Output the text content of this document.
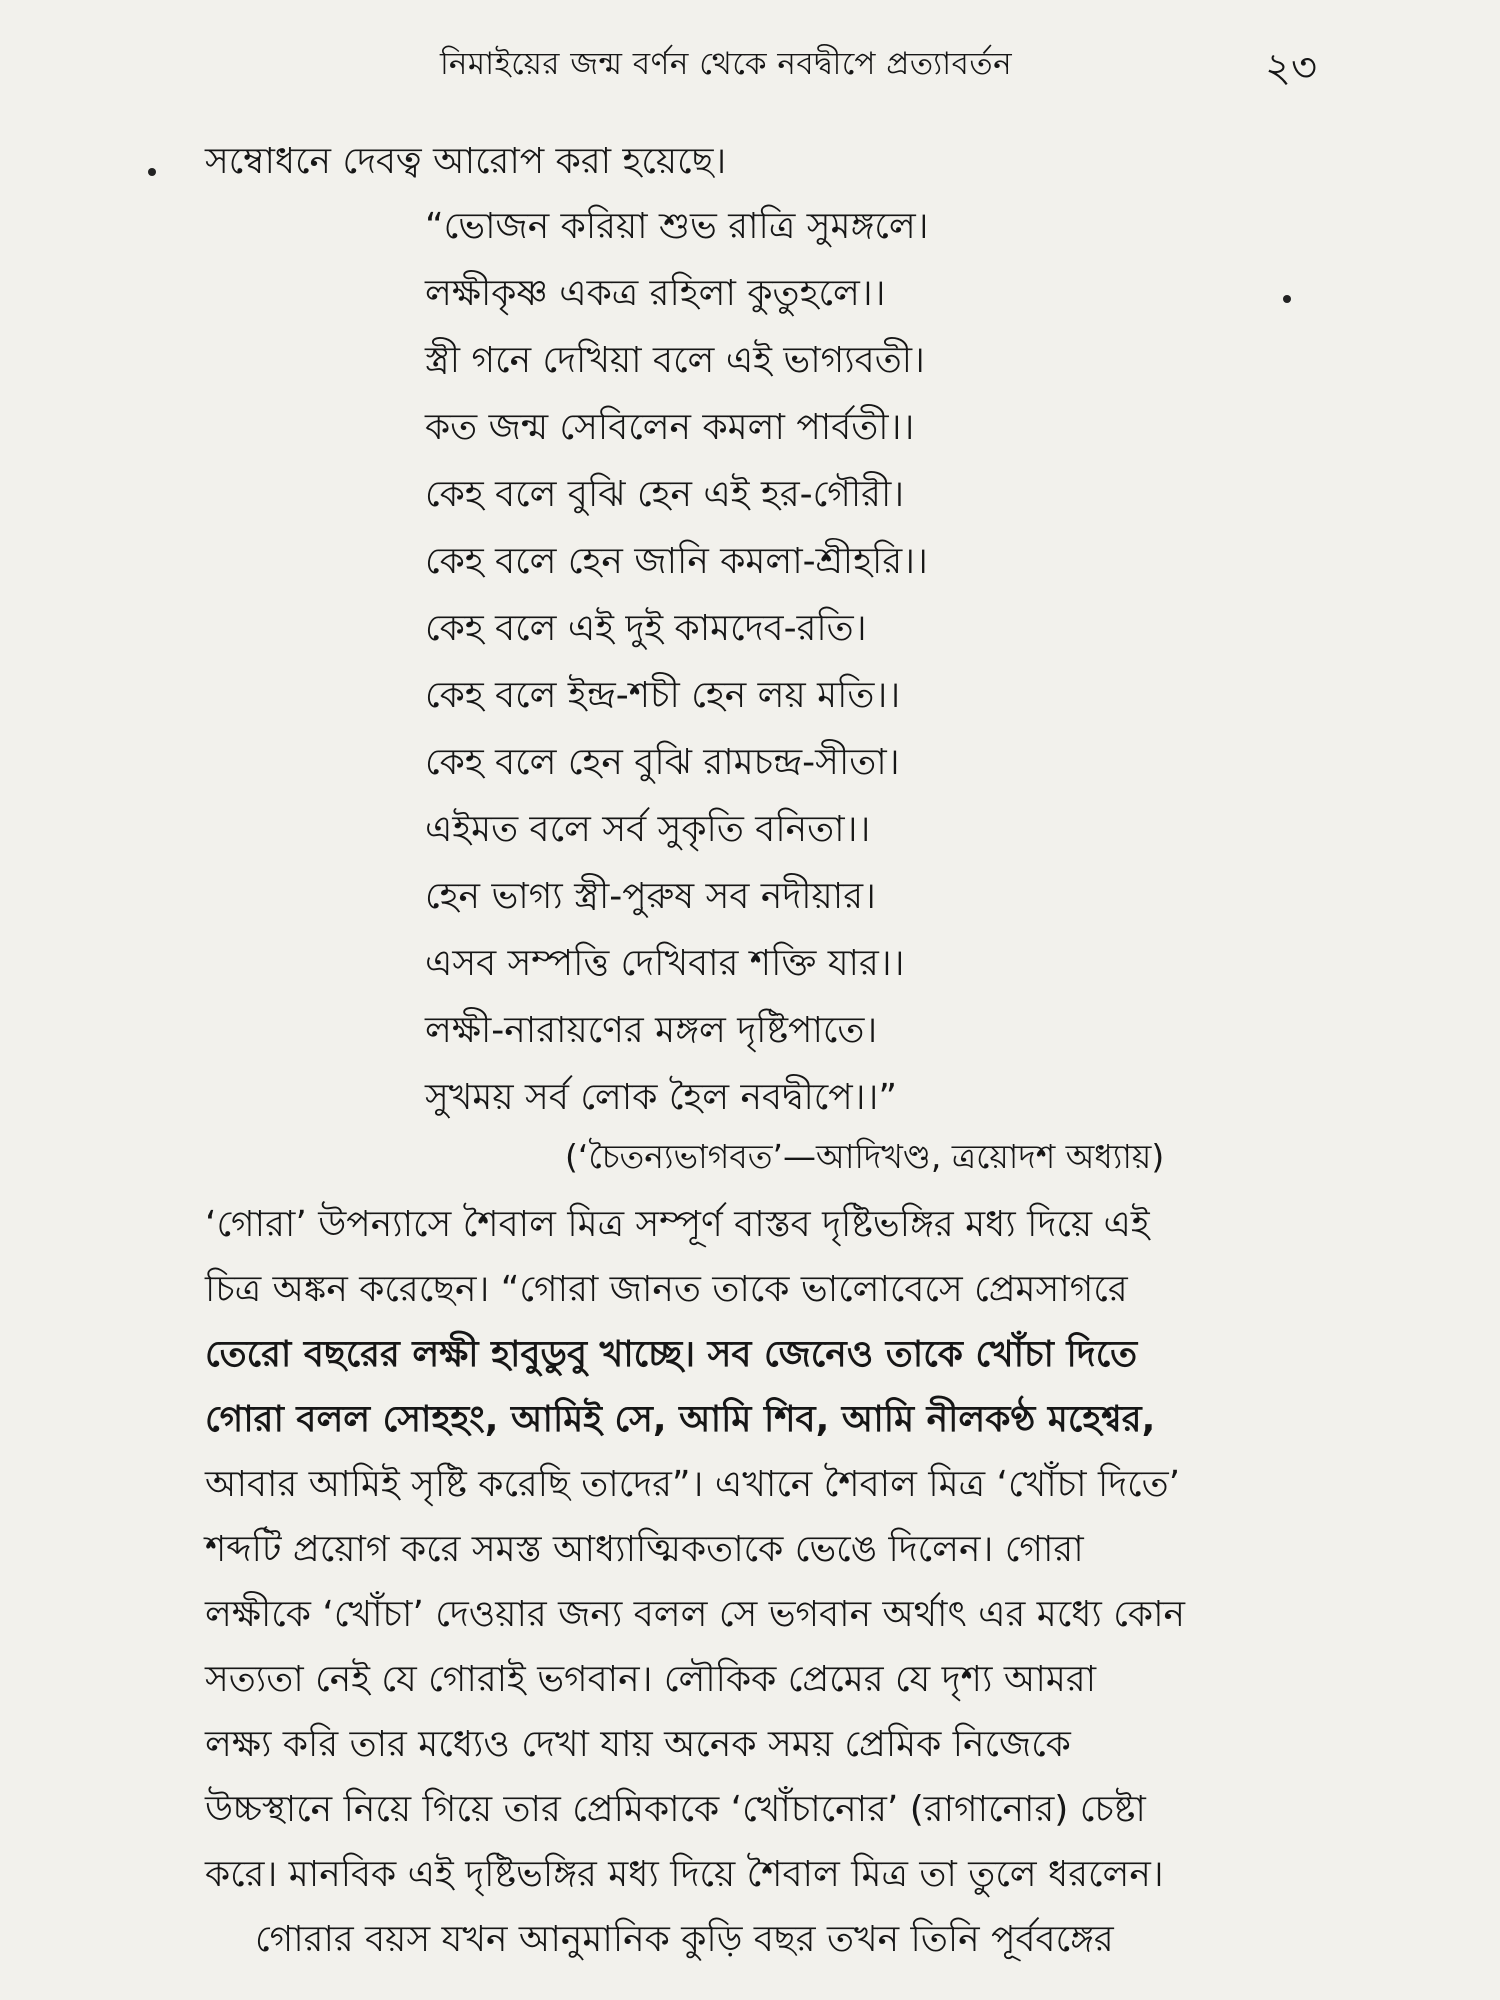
নিমাইয়ের জন্ম বর্ণন থেকে নবদ্বীপে প্রত্যাবর্তন	২৩
সম্বোধনে দেবত্ব আরোপ করা হয়েছে।
“ভোজন করিয়া শুভ রাত্রি সুমঙ্গলে।
লক্ষীকৃষ্ণ একত্র রহিলা কুতুহলে।।
স্ত্রী গনে দেখিয়া বলে এই ভাগ্যবতী।
কত জন্ম সেবিলেন কমলা পার্বতী।।
কেহ বলে বুঝি হেন এই হর-গৌরী।
কেহ বলে হেন জানি কমলা-শ্রীহরি।।
কেহ বলে এই দুই কামদেব-রতি।
কেহ বলে ইন্দ্র-শচী হেন লয় মতি।।
কেহ বলে হেন বুঝি রামচন্দ্র-সীতা।
এইমত বলে সর্ব সুকৃতি বনিতা।।
হেন ভাগ্য স্ত্রী-পুরুষ সব নদীয়ার।
এসব সম্পত্তি দেখিবার শক্তি যার।।
লক্ষী-নারায়ণের মঙ্গল দৃষ্টিপাতে।
সুখময় সর্ব লোক হৈল নবদ্বীপে।।”
(‘চৈতন্যভাগবত’—আদিখণ্ড, ত্রয়োদশ অধ্যায়)
‘গোরা’ উপন্যাসে শৈবাল মিত্র সম্পূর্ণ বাস্তব দৃষ্টিভঙ্গির মধ্য দিয়ে এই
চিত্র অঙ্কন করেছেন। “গোরা জানত তাকে ভালোবেসে প্রেমসাগরে
তেরো বছরের লক্ষী হাবুডুবু খাচ্ছে। সব জেনেও তাকে খোঁচা দিতে
গোরা বলল সোহহং, আমিই সে, আমি শিব, আমি নীলকণ্ঠ মহেশ্বর,
আবার আমিই সৃষ্টি করেছি তাদের”। এখানে শৈবাল মিত্র ‘খোঁচা দিতে’
শব্দটি প্রয়োগ করে সমস্ত আধ্যাত্মিকতাকে ভেঙে দিলেন। গোরা
লক্ষীকে ‘খোঁচা’ দেওয়ার জন্য বলল সে ভগবান অর্থাৎ এর মধ্যে কোন
সত্যতা নেই যে গোরাই ভগবান। লৌকিক প্রেমের যে দৃশ্য আমরা
লক্ষ্য করি তার মধ্যেও দেখা যায় অনেক সময় প্রেমিক নিজেকে
উচ্চস্থানে নিয়ে গিয়ে তার প্রেমিকাকে ‘খোঁচানোর’ (রাগানোর) চেষ্টা
করে। মানবিক এই দৃষ্টিভঙ্গির মধ্য দিয়ে শৈবাল মিত্র তা তুলে ধরলেন।
গোরার বয়স যখন আনুমানিক কুড়ি বছর তখন তিনি পূর্ববঙ্গের
